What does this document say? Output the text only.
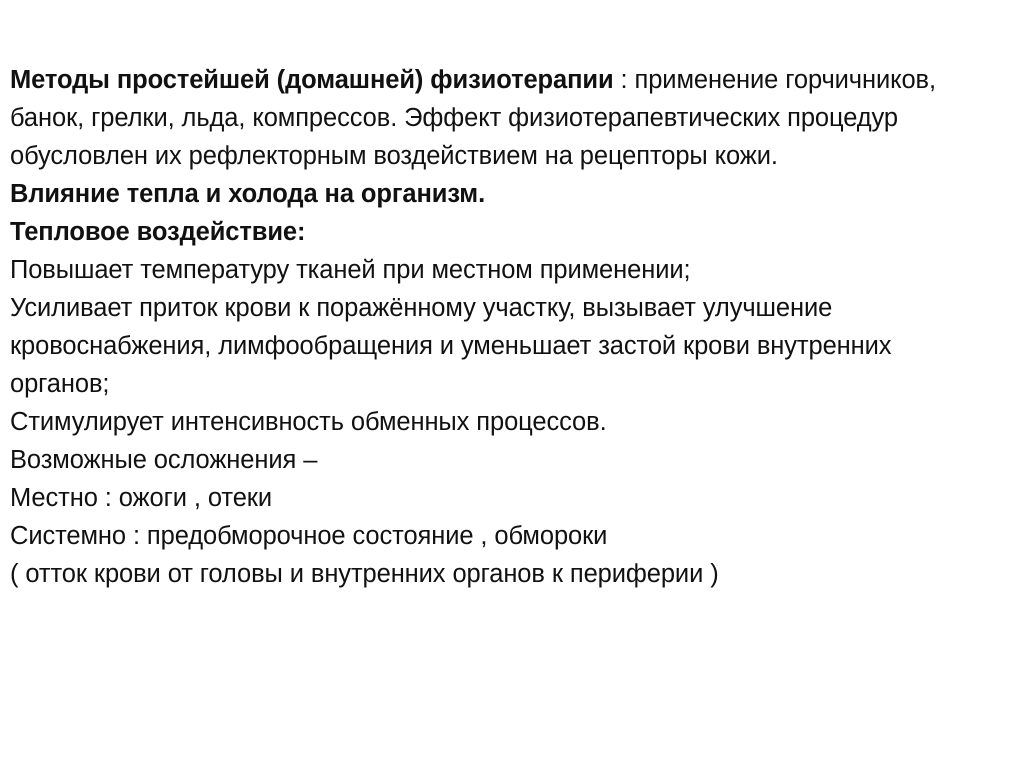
Методы простейшей (домашней) физиотерапии : применение горчичников, банок, грелки, льда, компрессов. Эффект физиотерапевтических процедур обусловлен их рефлекторным воздействием на рецепторы кожи.

Влияние тепла и холода на организм.

Тепловое воздействие:

Повышает температуру тканей при местном применении;

Усиливает приток крови к поражённому участку, вызывает улучшение кровоснабжения, лимфообращения и уменьшает застой крови внутренних органов;

Стимулирует интенсивность обменных процессов.

Возможные осложнения –

Местно : ожоги , отеки

Системно : предобморочное состояние , обмороки

( отток крови от головы и внутренних органов к периферии )
